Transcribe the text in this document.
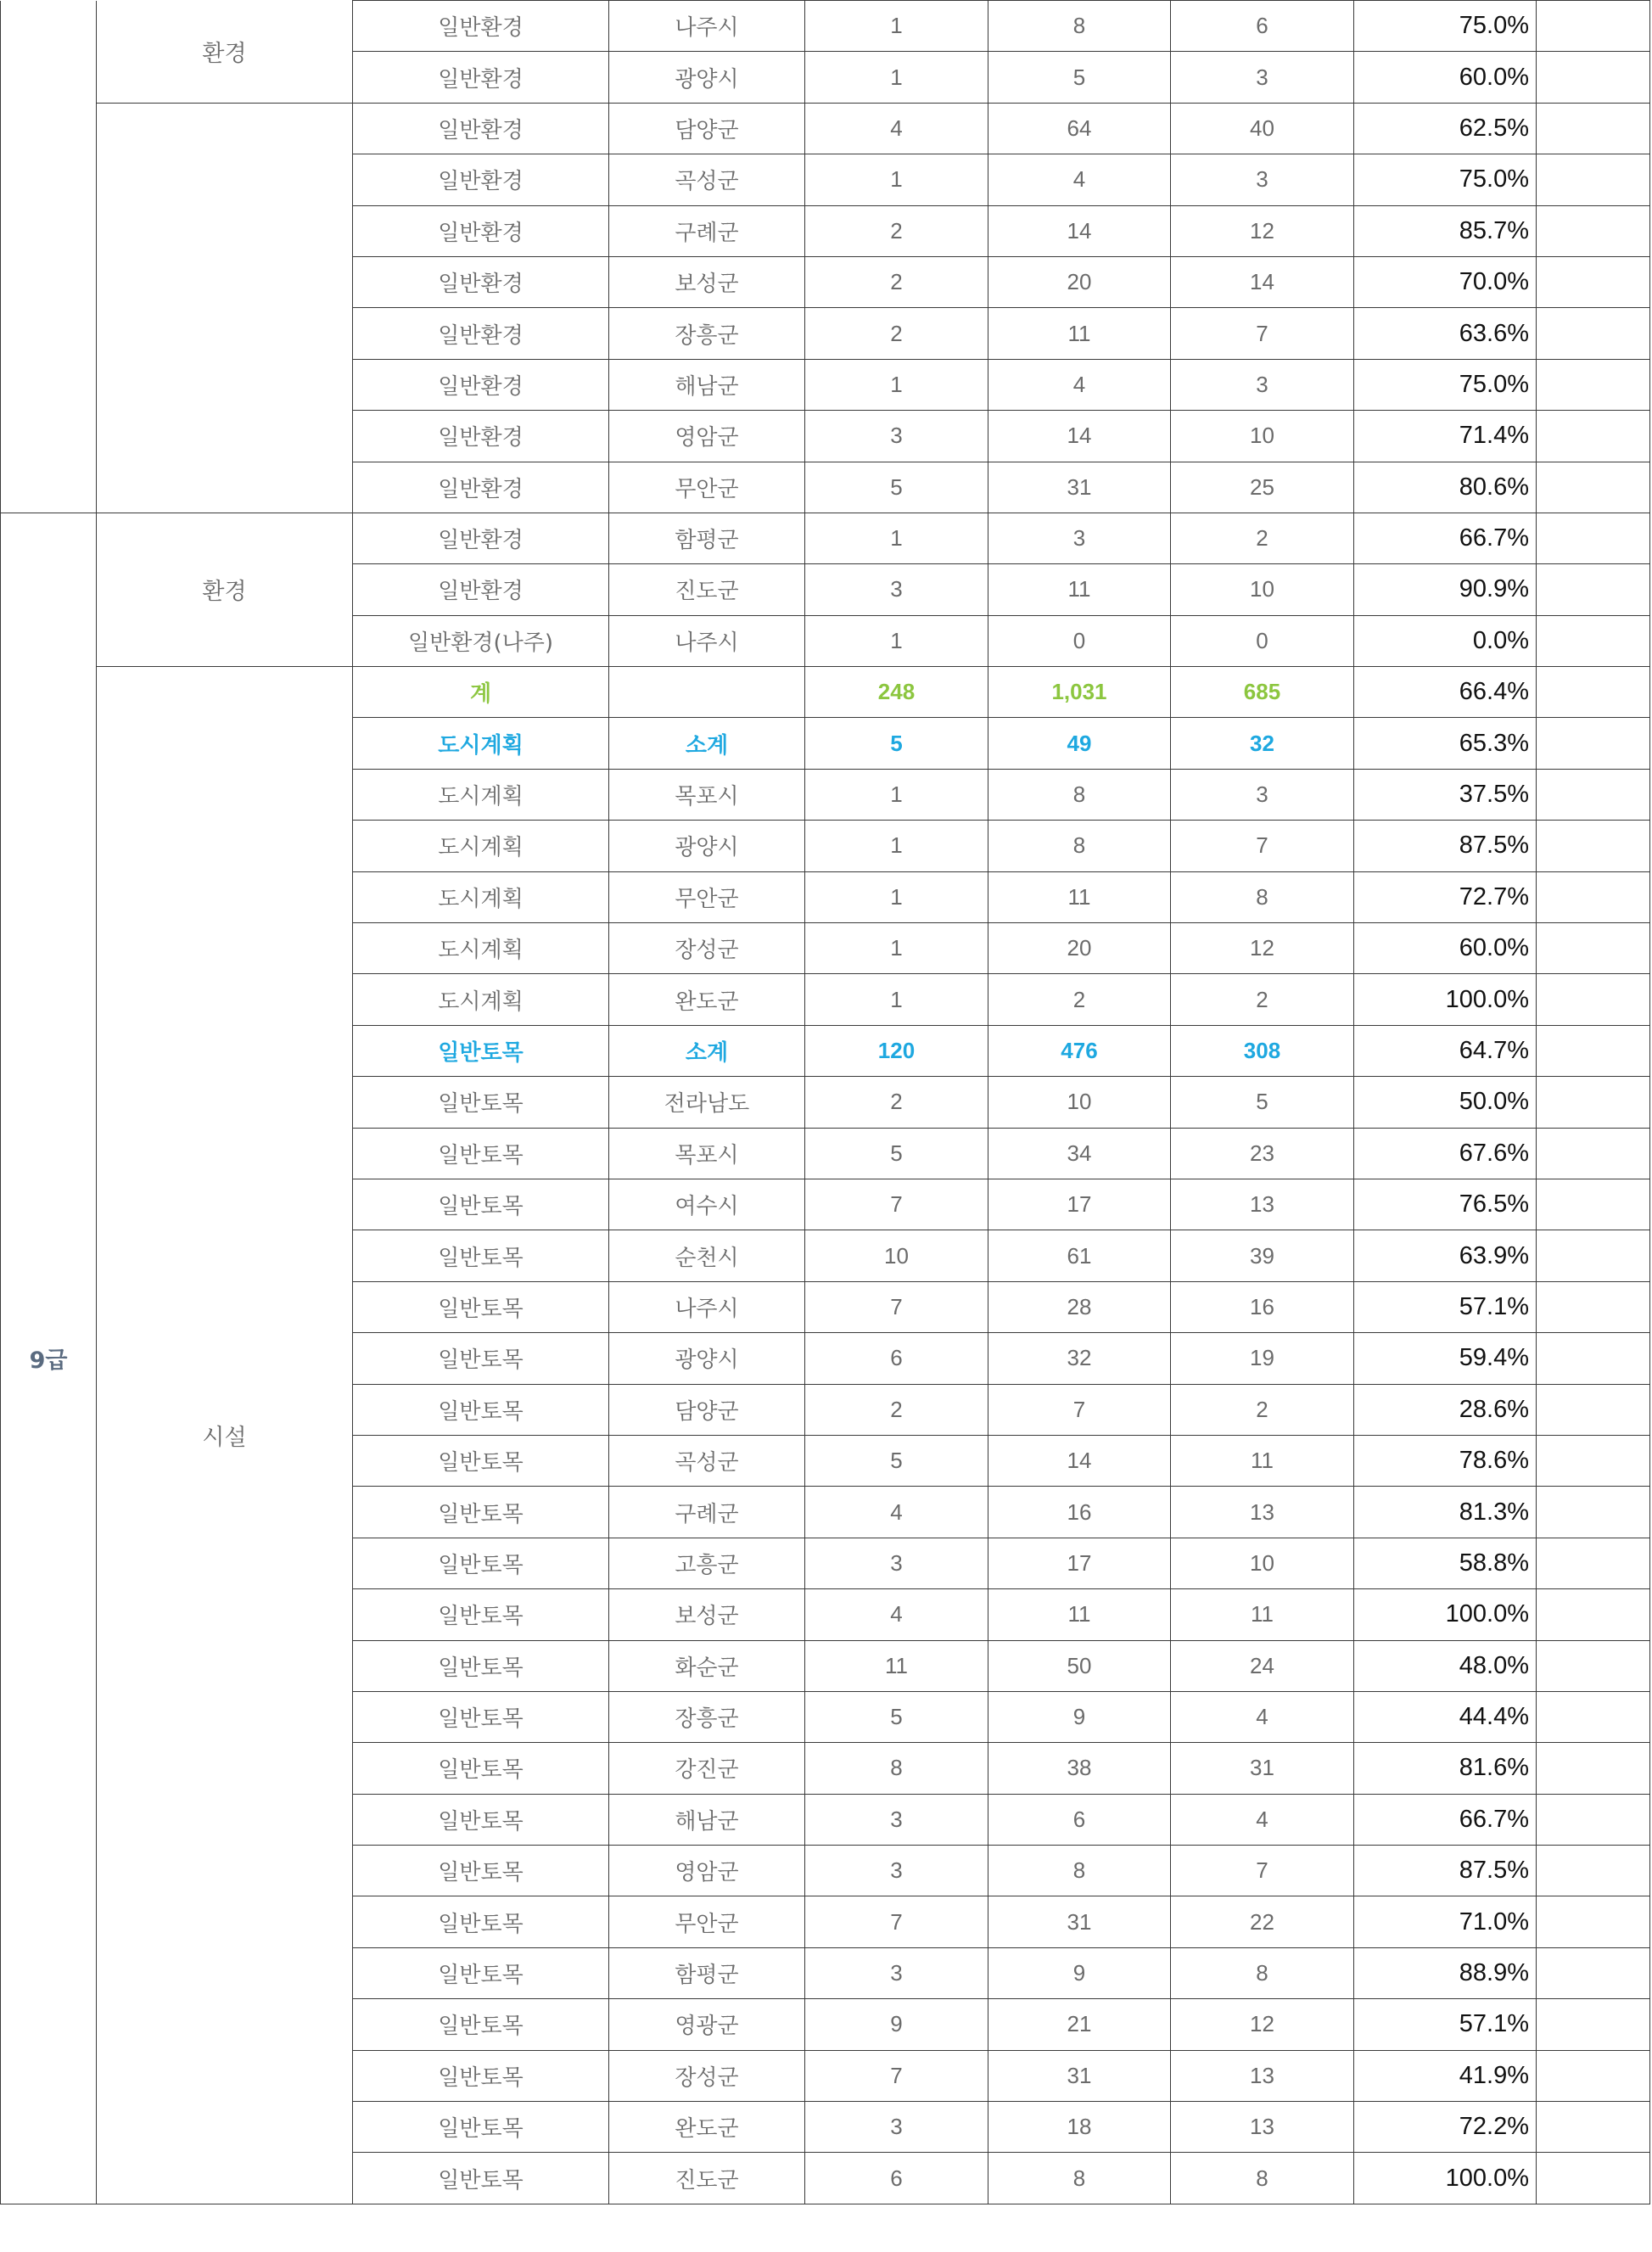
	환경	일반환경	나주시	1	8	6	75.0%	
		일반환경	광양시	1	5	3	60.0%	
		일반환경	담양군	4	64	40	62.5%	
		일반환경	곡성군	1	4	3	75.0%	
		일반환경	구례군	2	14	12	85.7%	
		일반환경	보성군	2	20	14	70.0%	
		일반환경	장흥군	2	11	7	63.6%	
		일반환경	해남군	1	4	3	75.0%	
		일반환경	영암군	3	14	10	71.4%	
		일반환경	무안군	5	31	25	80.6%	
9급	환경	일반환경	함평군	1	3	2	66.7%	
		일반환경	진도군	3	11	10	90.9%	
		일반환경(나주)	나주시	1	0	0	0.0%	
	시설	계		248	1,031	685	66.4%	
		도시계획	소계	5	49	32	65.3%	
		도시계획	목포시	1	8	3	37.5%	
		도시계획	광양시	1	8	7	87.5%	
		도시계획	무안군	1	11	8	72.7%	
		도시계획	장성군	1	20	12	60.0%	
		도시계획	완도군	1	2	2	100.0%	
		일반토목	소계	120	476	308	64.7%	
		일반토목	전라남도	2	10	5	50.0%	
		일반토목	목포시	5	34	23	67.6%	
		일반토목	여수시	7	17	13	76.5%	
		일반토목	순천시	10	61	39	63.9%	
		일반토목	나주시	7	28	16	57.1%	
		일반토목	광양시	6	32	19	59.4%	
		일반토목	담양군	2	7	2	28.6%	
		일반토목	곡성군	5	14	11	78.6%	
		일반토목	구례군	4	16	13	81.3%	
		일반토목	고흥군	3	17	10	58.8%	
		일반토목	보성군	4	11	11	100.0%	
		일반토목	화순군	11	50	24	48.0%	
		일반토목	장흥군	5	9	4	44.4%	
		일반토목	강진군	8	38	31	81.6%	
		일반토목	해남군	3	6	4	66.7%	
		일반토목	영암군	3	8	7	87.5%	
		일반토목	무안군	7	31	22	71.0%	
		일반토목	함평군	3	9	8	88.9%	
		일반토목	영광군	9	21	12	57.1%	
		일반토목	장성군	7	31	13	41.9%	
		일반토목	완도군	3	18	13	72.2%	
		일반토목	진도군	6	8	8	100.0%	
